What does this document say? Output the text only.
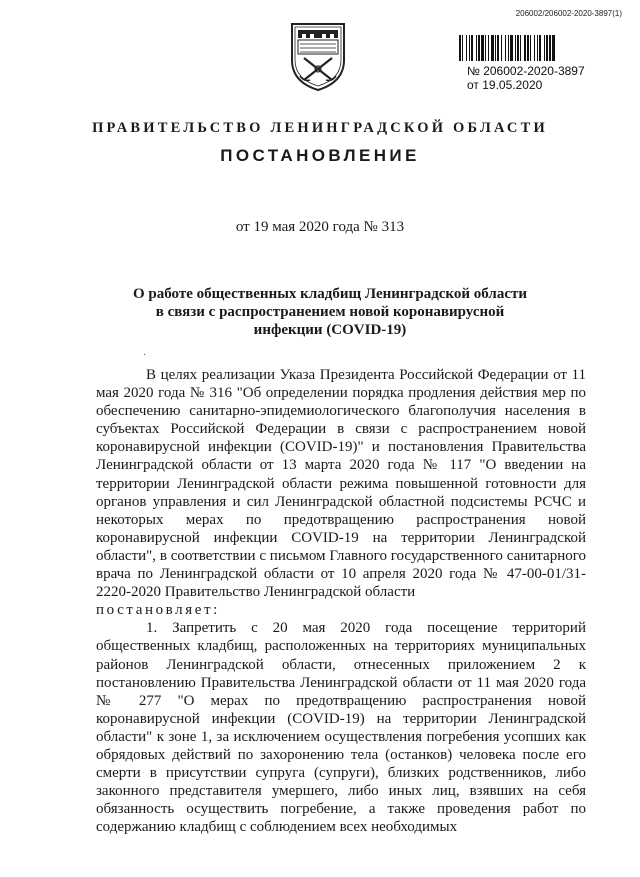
206002/206002-2020-3897(1)
№ 206002-2020-3897
от 19.05.2020
ПРАВИТЕЛЬСТВО ЛЕНИНГРАДСКОЙ ОБЛАСТИ
ПОСТАНОВЛЕНИЕ
от 19 мая 2020 года № 313
О работе общественных кладбищ Ленинградской области
в связи с распространением новой коронавирусной
инфекции (COVID-19)
·

В целях реализации Указа Президента Российской Федерации от 11 мая 2020 года № 316 "Об определении порядка продления действия мер по обеспечению санитарно-эпидемиологического благополучия населения в субъектах Российской Федерации в связи с распространением новой коронавирусной инфекции (COVID-19)" и постановления Правительства Ленинградской области от 13 марта 2020 года № 117 "О введении на территории Ленинградской области режима повышенной готовности для органов управления и сил Ленинградской областной подсистемы РСЧС и некоторых мерах по предотвращению распространения новой коронавирусной инфекции COVID-19 на территории Ленинградской области", в соответствии с письмом Главного государственного санитарного врача по Ленинградской области от 10 апреля 2020 года № 47-00-01/31-2220-2020 Правительство Ленинградской области

постановляет:

1. Запретить с 20 мая 2020 года посещение территорий общественных кладбищ, расположенных на территориях муниципальных районов Ленинградской области, отнесенных приложением 2 к постановлению Правительства Ленинградской области от 11 мая 2020 года № 277 "О мерах по предотвращению распространения новой коронавирусной инфекции (COVID-19) на территории Ленинградской области" к зоне 1, за исключением осуществления погребения усопших как обрядовых действий по захоронению тела (останков) человека после его смерти в присутствии супруга (супруги), близких родственников, либо законного представителя умершего, либо иных лиц, взявших на себя обязанность осуществить погребение, а также проведения работ по содержанию кладбищ с соблюдением всех необходимых
